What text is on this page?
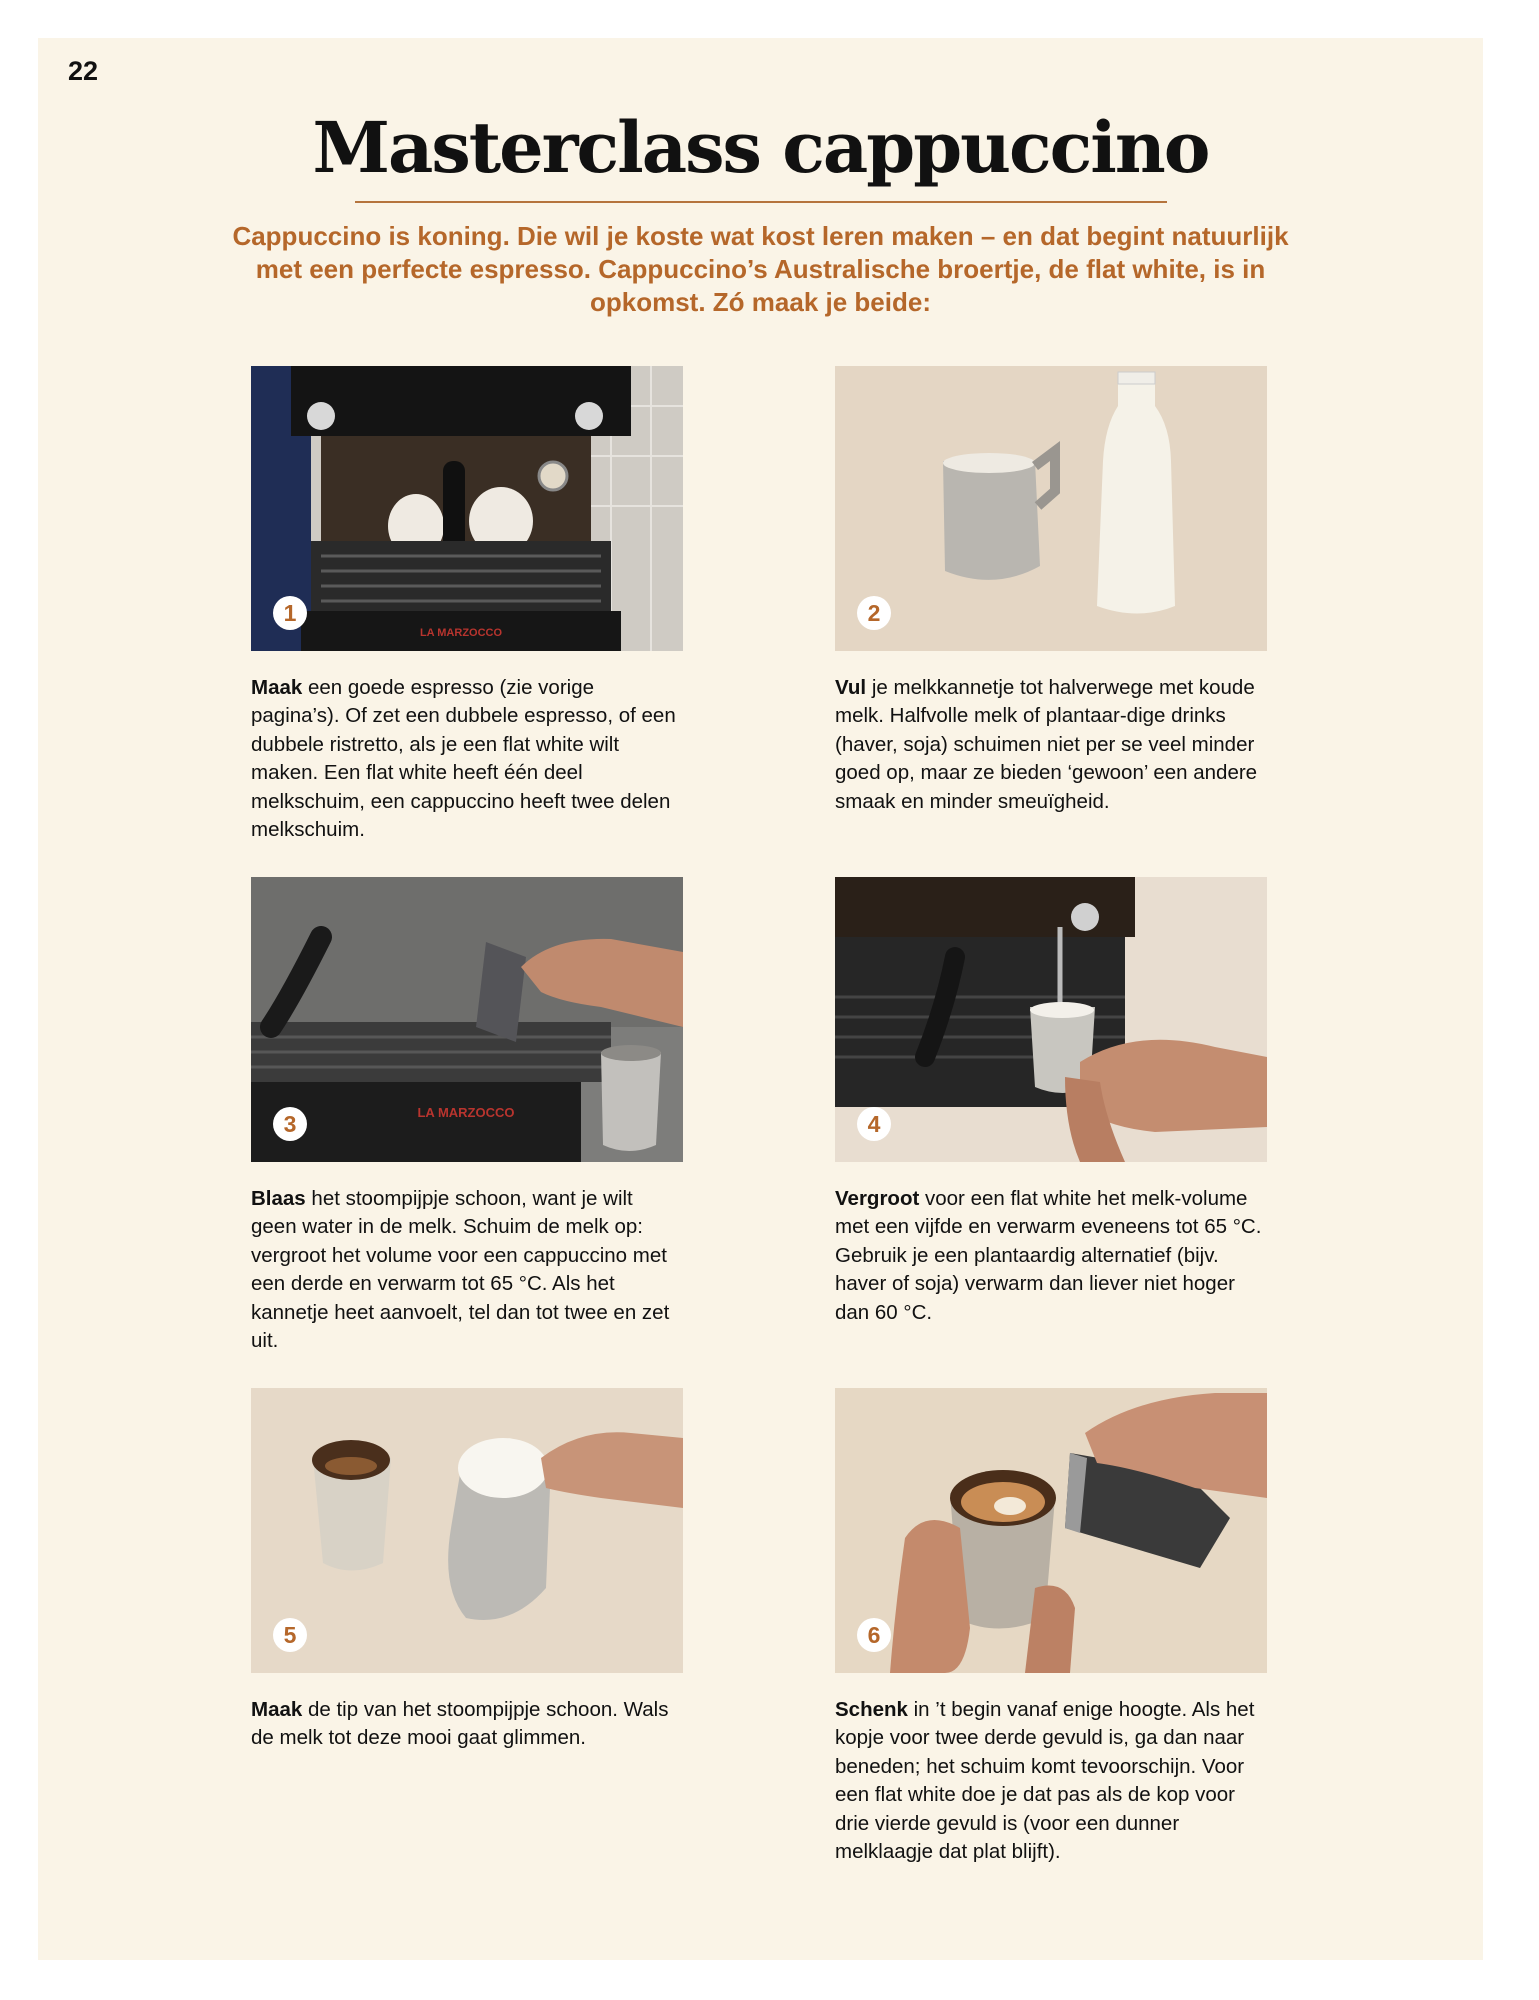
22
Masterclass cappuccino

Cappuccino is koning. Die wil je koste wat kost leren maken – en dat begint natuurlijk met een perfecte espresso. Cappuccino’s Australische broertje, de flat white, is in opkomst. Zó maak je beide:

LA MARZOCCO
1

Maak een goede espresso (zie vorige pagina’s). Of zet een dubbele espresso, of een dubbele ristretto, als je een flat white wilt maken. Een flat white heeft één deel melkschuim, een cappuccino heeft twee delen melkschuim.

2

Vul je melkkannetje tot halverwege met koude melk. Halfvolle melk of plantaar-dige drinks (haver, soja) schuimen niet per se veel minder goed op, maar ze bieden ‘gewoon’ een andere smaak en minder smeuïgheid.

LA MARZOCCO
3

Blaas het stoompijpje schoon, want je wilt geen water in de melk. Schuim de melk op: vergroot het volume voor een cappuccino met een derde en verwarm tot 65 °C. Als het kannetje heet aanvoelt, tel dan tot twee en zet uit.

4

Vergroot voor een flat white het melk-volume met een vijfde en verwarm eveneens tot 65 °C. Gebruik je een plantaardig alternatief (bijv. haver of soja) verwarm dan liever niet hoger dan 60 °C.

5

Maak de tip van het stoompijpje schoon. Wals de melk tot deze mooi gaat glimmen.

6

Schenk in ’t begin vanaf enige hoogte. Als het kopje voor twee derde gevuld is, ga dan naar beneden; het schuim komt tevoorschijn. Voor een flat white doe je dat pas als de kop voor drie vierde gevuld is (voor een dunner melklaagje dat plat blijft).
